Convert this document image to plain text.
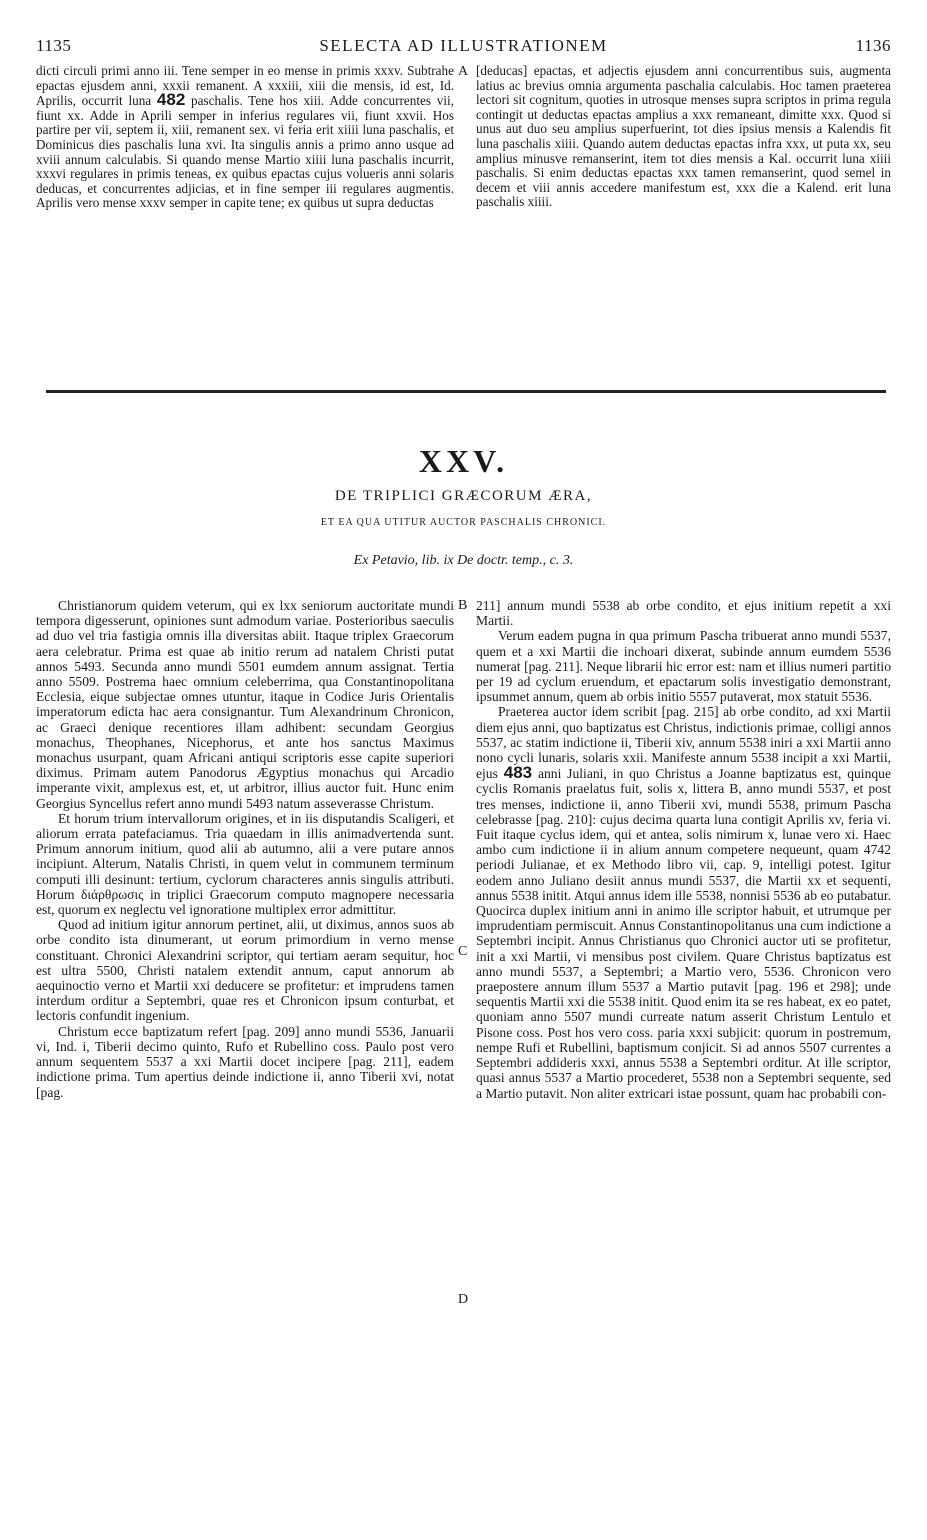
1135	SELECTA AD ILLUSTRATIONEM	1136

dicti circuli primi anno iii. Tene semper in eo mense in primis xxxv. Subtrahe epactas ejusdem anni, xxxii remanent. A xxxiii, xiii die mensis, id est, Id. Aprilis, occurrit luna 482 paschalis. Tene hos xiii. Adde concurrentes vii, fiunt xx. Adde in Aprili semper in inferius regulares vii, fiunt xxvii. Hos partire per vii, septem ii, xiii, remanent sex. vi feria erit xiiii luna paschalis, et Dominicus dies paschalis luna xvi. Ita singulis annis a primo anno usque ad xviii annum calculabis. Si quando mense Martio xiiii luna paschalis incurrit, xxxvi regulares in primis teneas, ex quibus epactas cujus volueris anni solaris deducas, et concurrentes adjicias, et in fine semper iii regulares augmentis. Aprilis vero mense xxxv semper in capite tene; ex quibus ut supra deductas

A [deducas] epactas, et adjectis ejusdem anni concurrentibus suis, augmenta latius ac brevius omnia argumenta paschalia calculabis. Hoc tamen praeterea lectori sit cognitum, quoties in utrosque menses supra scriptos in prima regula contingit ut deductas epactas amplius a xxx remaneant, dimitte xxx. Quod si unus aut duo seu amplius superfuerint, tot dies ipsius mensis a Kalendis fit luna paschalis xiiii. Quando autem deductas epactas infra xxx, ut puta xx, seu amplius minusve remanserint, item tot dies mensis a Kal. occurrit luna xiiii paschalis. Si enim deductas epactas xxx tamen remanserint, quod semel in decem et viii annis accedere manifestum est, xxx die a Kalend. erit luna paschalis xiiii.

XXV.
DE TRIPLICI GRÆCORUM ÆRA,
ET EA QUA UTITUR AUCTOR PASCHALIS CHRONICI.
Ex Petavio, lib. ix De doctr. temp., c. 3.

Christianorum quidem veterum, qui ex lxx seniorum auctoritate mundi tempora digesserunt, opiniones sunt admodum variae. Posterioribus saeculis ad duo vel tria fastigia omnis illa diversitas abiit. Itaque triplex Graecorum aera celebratur. Prima est quae ab initio rerum ad natalem Christi putat annos 5493. Secunda anno mundi 5501 eumdem annum assignat. Tertia anno 5509. Postrema haec omnium celeberrima, qua Constantinopolitana Ecclesia, eique subjectae omnes utuntur, itaque in Codice Juris Orientalis imperatorum edicta hac aera consignantur. Tum Alexandrinum Chronicon, ac Graeci denique recentiores illam adhibent: secundam Georgius monachus, Theophanes, Nicephorus, et ante hos sanctus Maximus monachus usurpant, quam Africani antiqui scriptoris esse capite superiori diximus. Primam autem Panodorus Ægyptius monachus qui Arcadio imperante vixit, amplexus est, et, ut arbitror, illius auctor fuit. Hunc enim Georgius Syncellus refert anno mundi 5493 natum asseverasse Christum.

Et horum trium intervallorum origines, et in iis disputandis Scaligeri, et aliorum errata patefaciamus. Tria quaedam in illis animadvertenda sunt. Primum annorum initium, quod alii ab autumno, alii a vere putare annos incipiunt. Alterum, Natalis Christi, in quem velut in communem terminum computi illi desinunt: tertium, cyclorum characteres annis singulis attributi. Horum διάρθρωσις in triplici Graecorum computo magnopere necessaria est, quorum ex neglectu vel ignoratione multiplex error admittitur.

Quod ad initium igitur annorum pertinet, alii, ut diximus, annos suos ab orbe condito ista dinumerant, ut eorum primordium in verno mense constituant. Chronici Alexandrini scriptor, qui tertiam aeram sequitur, hoc est ultra 5500, Christi natalem extendit annum, caput annorum ab aequinoctio verno et Martii xxi deducere se profitetur: et imprudens tamen interdum orditur a Septembri, quae res et Chronicon ipsum conturbat, et lectoris confundit ingenium.

Christum ecce baptizatum refert [pag. 209] anno mundi 5536, Januarii vi, Ind. i, Tiberii decimo quinto, Rufo et Rubellino coss. Paulo post vero annum sequentem 5537 a xxi Martii docet incipere [pag. 211], eadem indictione prima. Tum apertius deinde indictione ii, anno Tiberii xvi, notat [pag.

B
C
D

211] annum mundi 5538 ab orbe condito, et ejus initium repetit a xxi Martii.

Verum eadem pugna in qua primum Pascha tribuerat anno mundi 5537, quem et a xxi Martii die inchoari dixerat, subinde annum eumdem 5536 numerat [pag. 211]. Neque librarii hic error est: nam et illius numeri partitio per 19 ad cyclum eruendum, et epactarum solis investigatio demonstrant, ipsummet annum, quem ab orbis initio 5557 putaverat, mox statuit 5536.

Praeterea auctor idem scribit [pag. 215] ab orbe condito, ad xxi Martii diem ejus anni, quo baptizatus est Christus, indictionis primae, colligi annos 5537, ac statim indictione ii, Tiberii xiv, annum 5538 iniri a xxi Martii anno nono cycli lunaris, solaris xxii. Manifeste annum 5538 incipit a xxi Martii, ejus 483 anni Juliani, in quo Christus a Joanne baptizatus est, quinque cyclis Romanis praelatus fuit, solis x, littera B, anno mundi 5537, et post tres menses, indictione ii, anno Tiberii xvi, mundi 5538, primum Pascha celebrasse [pag. 210]: cujus decima quarta luna contigit Aprilis xv, feria vi. Fuit itaque cyclus idem, qui et antea, solis nimirum x, lunae vero xi. Haec ambo cum indictione ii in alium annum competere nequeunt, quam 4742 periodi Julianae, et ex Methodo libro vii, cap. 9, intelligi potest. Igitur eodem anno Juliano desiit annus mundi 5537, die Martii xx et sequenti, annus 5538 initit. Atqui annus idem ille 5538, nonnisi 5536 ab eo putabatur. Quocirca duplex initium anni in animo ille scriptor habuit, et utrumque per imprudentiam permiscuit. Annus Constantinopolitanus una cum indictione a Septembri incipit. Annus Christianus quo Chronici auctor uti se profitetur, init a xxi Martii, vi mensibus post civilem. Quare Christus baptizatus est anno mundi 5537, a Septembri; a Martio vero, 5536. Chronicon vero praepostere annum illum 5537 a Martio putavit [pag. 196 et 298]; unde sequentis Martii xxi die 5538 initit. Quod enim ita se res habeat, ex eo patet, quoniam anno 5507 mundi curreate natum asserit Christum Lentulo et Pisone coss. Post hos vero coss. paria xxxi subjicit: quorum in postremum, nempe Rufi et Rubellini, baptismum conjicit. Si ad annos 5507 currentes a Septembri addideris xxxi, annus 5538 a Septembri orditur. At ille scriptor, quasi annus 5537 a Martio procederet, 5538 non a Septembri sequente, sed a Martio putavit. Non aliter extricari istae possunt, quam hac probabili con-
